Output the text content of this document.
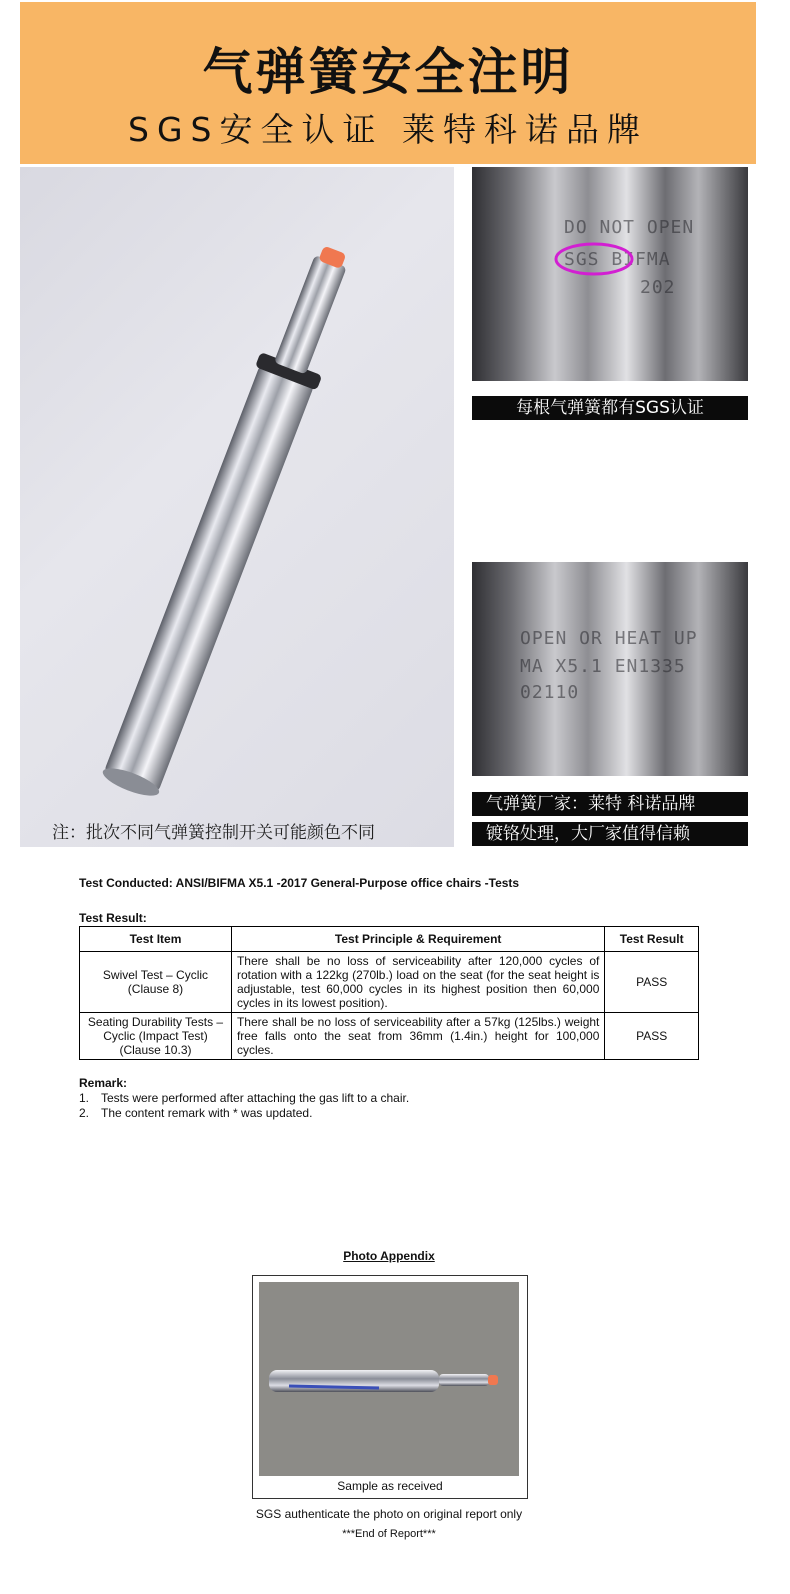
气弹簧安全注明
SGS安全认证 莱特科诺品牌
注：批次不同气弹簧控制开关可能颜色不同
DO NOT OPEN
SGS BIFMA
202
每根气弹簧都有SGS认证
OPEN OR HEAT UP
MA X5.1 EN1335
02110
气弹簧厂家：莱特 科诺品牌
镀铬处理，大厂家值得信赖
Test Conducted: ANSI/BIFMA X5.1 -2017 General-Purpose office chairs -Tests
Test Result:
Test Item	Test Principle & Requirement	Test Result
Swivel Test – Cyclic (Clause 8)	There shall be no loss of serviceability after 120,000 cycles of rotation with a 122kg (270lb.) load on the seat (for the seat height is adjustable, test 60,000 cycles in its highest position then 60,000 cycles in its lowest position).	PASS
Seating Durability Tests – Cyclic (Impact Test) (Clause 10.3)	There shall be no loss of serviceability after a 57kg (125lbs.) weight free falls onto the seat from 36mm (1.4in.) height for 100,000 cycles.	PASS
Remark:
1. Tests were performed after attaching the gas lift to a chair.
2. The content remark with * was updated.
Photo Appendix
Sample as received
SGS authenticate the photo on original report only
***End of Report***
